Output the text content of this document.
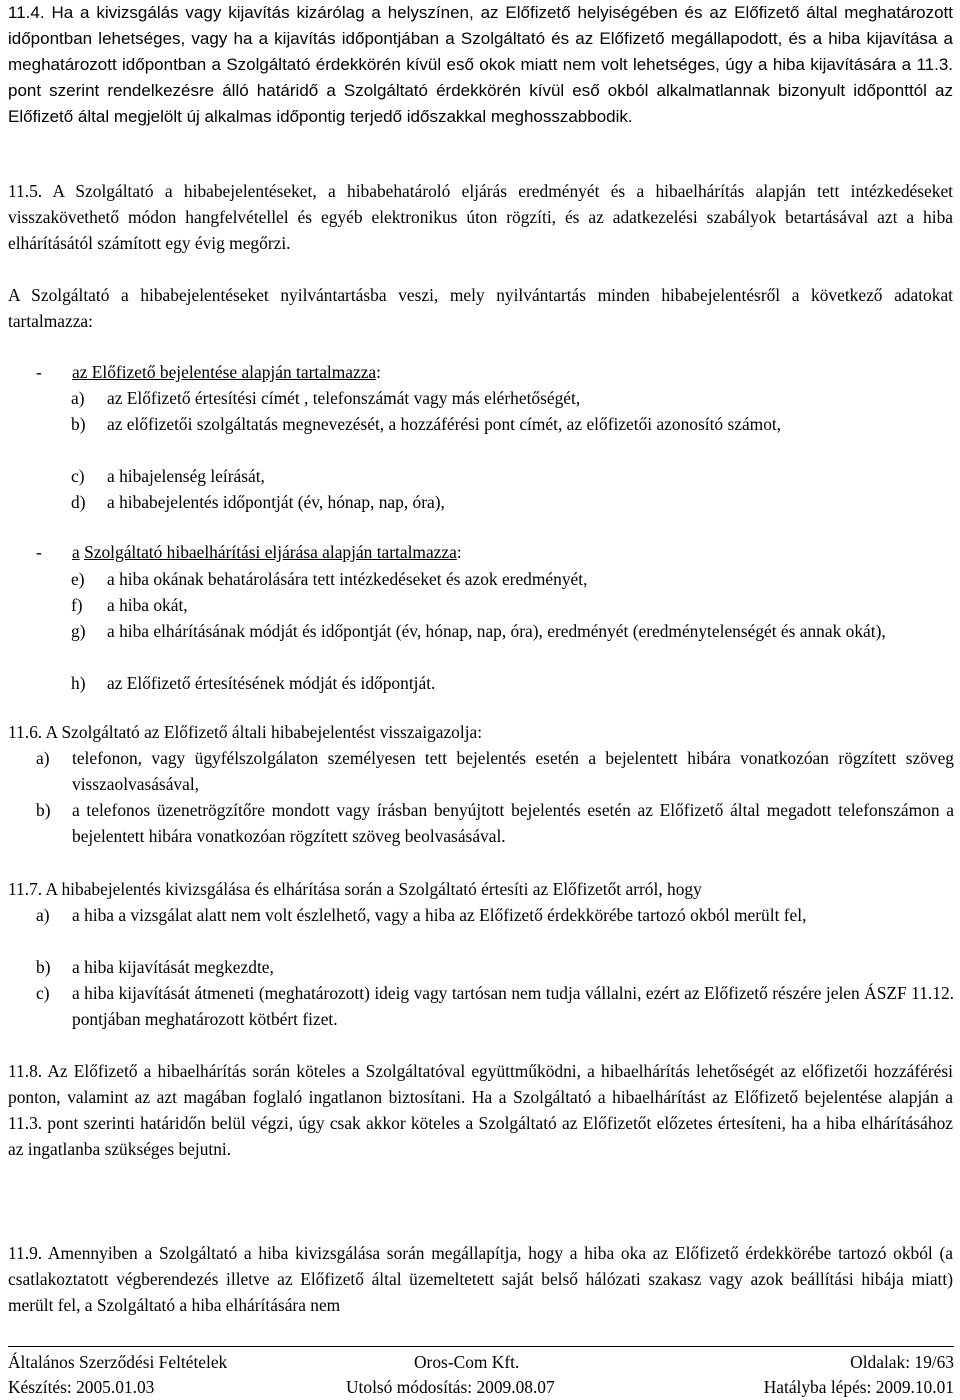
11.4. Ha a kivizsgálás vagy kijavítás kizárólag a helyszínen, az Előfizető helyiségében és az Előfizető által meghatározott időpontban lehetséges, vagy ha a kijavítás időpontjában a Szolgáltató és az Előfizető megállapodott, és a hiba kijavítása a meghatározott időpontban a Szolgáltató érdekkörén kívül eső okok miatt nem volt lehetséges, úgy a hiba kijavítására a 11.3. pont szerint rendelkezésre álló határidő a Szolgáltató érdekkörén kívül eső okból alkalmatlannak bizonyult időponttól az Előfizető által megjelölt új alkalmas időpontig terjedő időszakkal meghosszabbodik.

11.5. A Szolgáltató a hibabejelentéseket, a hibabehatároló eljárás eredményét és a hibaelhárítás alapján tett intézkedéseket visszakövethető módon hangfelvétellel és egyéb elektronikus úton rögzíti, és az adatkezelési szabályok betartásával azt a hiba elhárításától számított egy évig megőrzi.

A Szolgáltató a hibabejelentéseket nyilvántartásba veszi, mely nyilvántartás minden hibabejelentésről a következő adatokat tartalmazza:

- az Előfizető bejelentése alapján tartalmazza:

a)	az Előfizető értesítési címét , telefonszámát vagy más elérhetőségét,
b)	az előfizetői szolgáltatás megnevezését, a hozzáférési pont címét, az előfizetői azonosító számot,
c)	a hibajelenség leírását,
d)	a hibabejelentés időpontját (év, hónap, nap, óra),

- a Szolgáltató hibaelhárítási eljárása alapján tartalmazza:

e)	a hiba okának behatárolására tett intézkedéseket és azok eredményét,
f)	a hiba okát,
g)	a hiba elhárításának módját és időpontját (év, hónap, nap, óra), eredményét (eredménytelenségét és annak okát),
h)	az Előfizető értesítésének módját és időpontját.

11.6. A Szolgáltató az Előfizető általi hibabejelentést visszaigazolja:

a)	telefonon, vagy ügyfélszolgálaton személyesen tett bejelentés esetén a bejelentett hibára vonatkozóan rögzített szöveg visszaolvasásával,
b)	a telefonos üzenetrögzítőre mondott vagy írásban benyújtott bejelentés esetén az Előfizető által megadott telefonszámon a bejelentett hibára vonatkozóan rögzített szöveg beolvasásával.

11.7. A hibabejelentés kivizsgálása és elhárítása során a Szolgáltató értesíti az Előfizetőt arról, hogy

a)	a hiba a vizsgálat alatt nem volt észlelhető, vagy a hiba az Előfizető érdekkörébe tartozó okból merült fel,
b)	a hiba kijavítását megkezdte,
c)	a hiba kijavítását átmeneti (meghatározott) ideig vagy tartósan nem tudja vállalni, ezért az Előfizető részére jelen ÁSZF 11.12. pontjában meghatározott kötbért fizet.

11.8. Az Előfizető a hibaelhárítás során köteles a Szolgáltatóval együttműködni, a hibaelhárítás lehetőségét az előfizetői hozzáférési ponton, valamint az azt magában foglaló ingatlanon biztosítani. Ha a Szolgáltató a hibaelhárítást az Előfizető bejelentése alapján a 11.3. pont szerinti határidőn belül végzi, úgy csak akkor köteles a Szolgáltató az Előfizetőt előzetes értesíteni, ha a hiba elhárításához az ingatlanba szükséges bejutni.

11.9. Amennyiben a Szolgáltató a hiba kivizsgálása során megállapítja, hogy a hiba oka az Előfizető érdekkörébe tartozó okból (a csatlakoztatott végberendezés illetve az Előfizető által üzemeltetett saját belső hálózati szakasz vagy azok beállítási hibája miatt) merült fel, a Szolgáltató a hiba elhárítására nem

Általános Szerződési Feltételek	Oros-Com Kft.	Oldalak: 19/63
Készítés: 2005.01.03	Utolsó módosítás: 2009.08.07	Hatályba lépés: 2009.10.01
